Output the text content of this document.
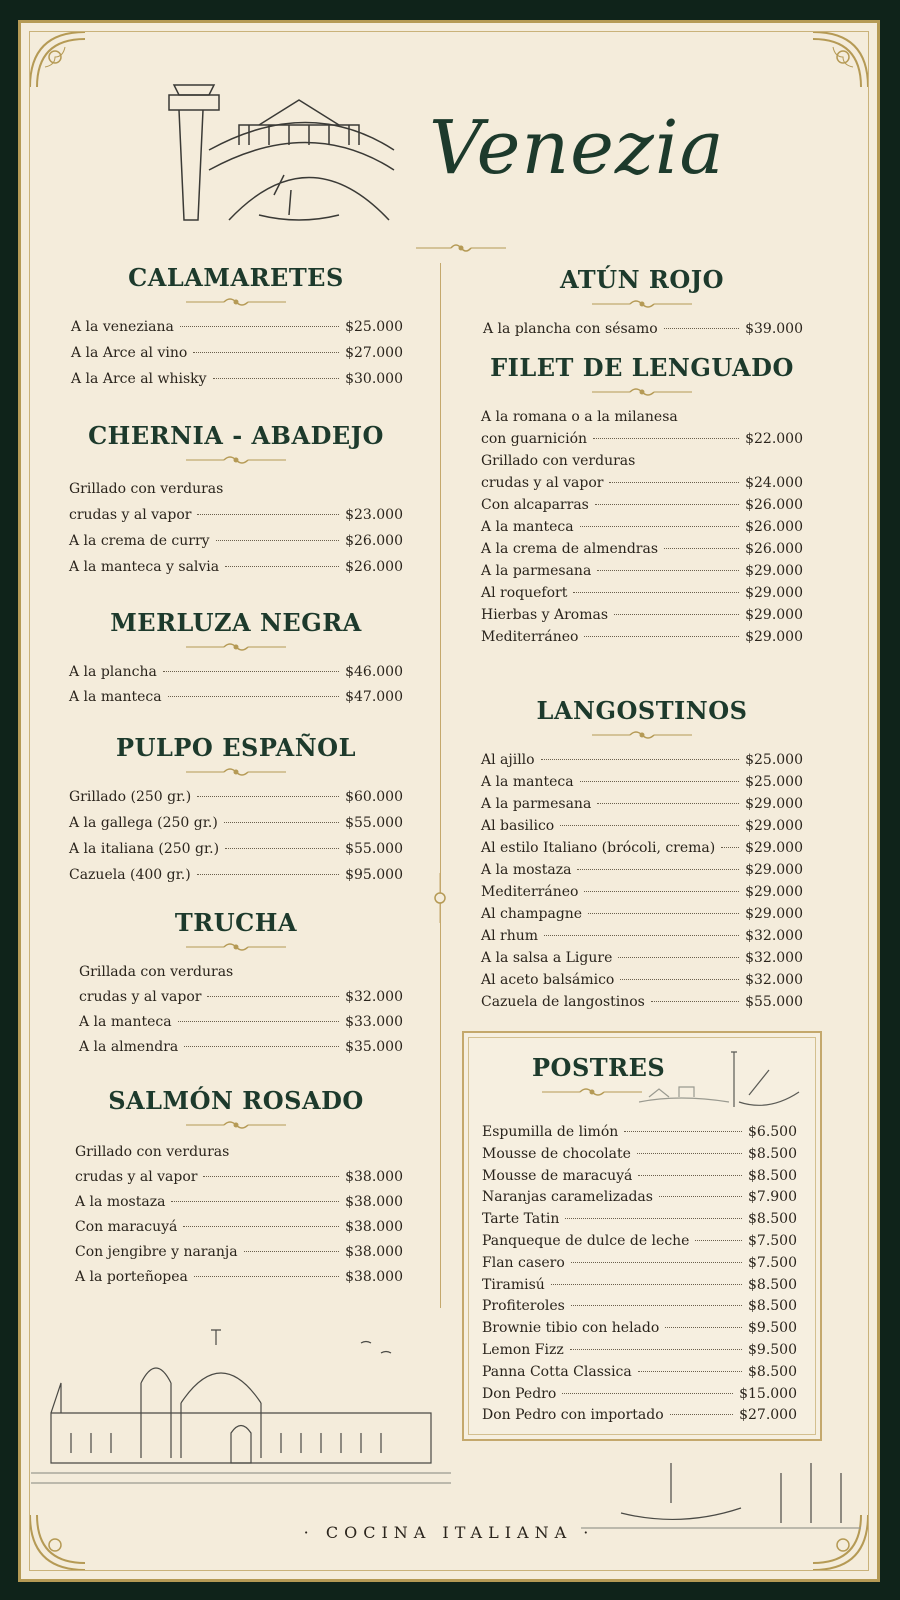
Venezia
CALAMARETES
A la veneziana	$25.000
A la Arce al vino	$27.000
A la Arce al whisky	$30.000
CHERNIA - ABADEJO
Grillado con verduras
crudas y al vapor	$23.000
A la crema de curry	$26.000
A la manteca y salvia	$26.000
MERLUZA NEGRA
A la plancha	$46.000
A la manteca	$47.000
PULPO ESPAÑOL
Grillado (250 gr.)	$60.000
A la gallega (250 gr.)	$55.000
A la italiana (250 gr.)	$55.000
Cazuela (400 gr.)	$95.000
TRUCHA
Grillada con verduras
crudas y al vapor	$32.000
A la manteca	$33.000
A la almendra	$35.000
SALMÓN ROSADO
Grillado con verduras
crudas y al vapor	$38.000
A la mostaza	$38.000
Con maracuyá	$38.000
Con jengibre y naranja	$38.000
A la porteñopea	$38.000
ATÚN ROJO
A la plancha con sésamo	$39.000
FILET DE LENGUADO
A la romana o a la milanesa
con guarnición	$22.000
Grillado con verduras
crudas y al vapor	$24.000
Con alcaparras	$26.000
A la manteca	$26.000
A la crema de almendras	$26.000
A la parmesana	$29.000
Al roquefort	$29.000
Hierbas y Aromas	$29.000
Mediterráneo	$29.000
LANGOSTINOS
Al ajillo	$25.000
A la manteca	$25.000
A la parmesana	$29.000
Al basilico	$29.000
Al estilo Italiano (brócoli, crema) $29.000
A la mostaza	$29.000
Mediterráneo	$29.000
Al champagne	$29.000
Al rhum	$32.000
A la salsa a Ligure	$32.000
Al aceto balsámico	$32.000
Cazuela de langostinos	$55.000
POSTRES
Espumilla de limón	$6.500
Mousse de chocolate	$8.500
Mousse de maracuyá	$8.500
Naranjas caramelizadas	$7.900
Tarte Tatin	$8.500
Panqueque de dulce de leche	$7.500
Flan casero	$7.500
Tiramisú	$8.500
Profiteroles	$8.500
Brownie tibio con helado	$9.500
Lemon Fizz	$9.500
Panna Cotta Classica	$8.500
Don Pedro	$15.000
Don Pedro con importado	$27.000
· COCINA ITALIANA ·
